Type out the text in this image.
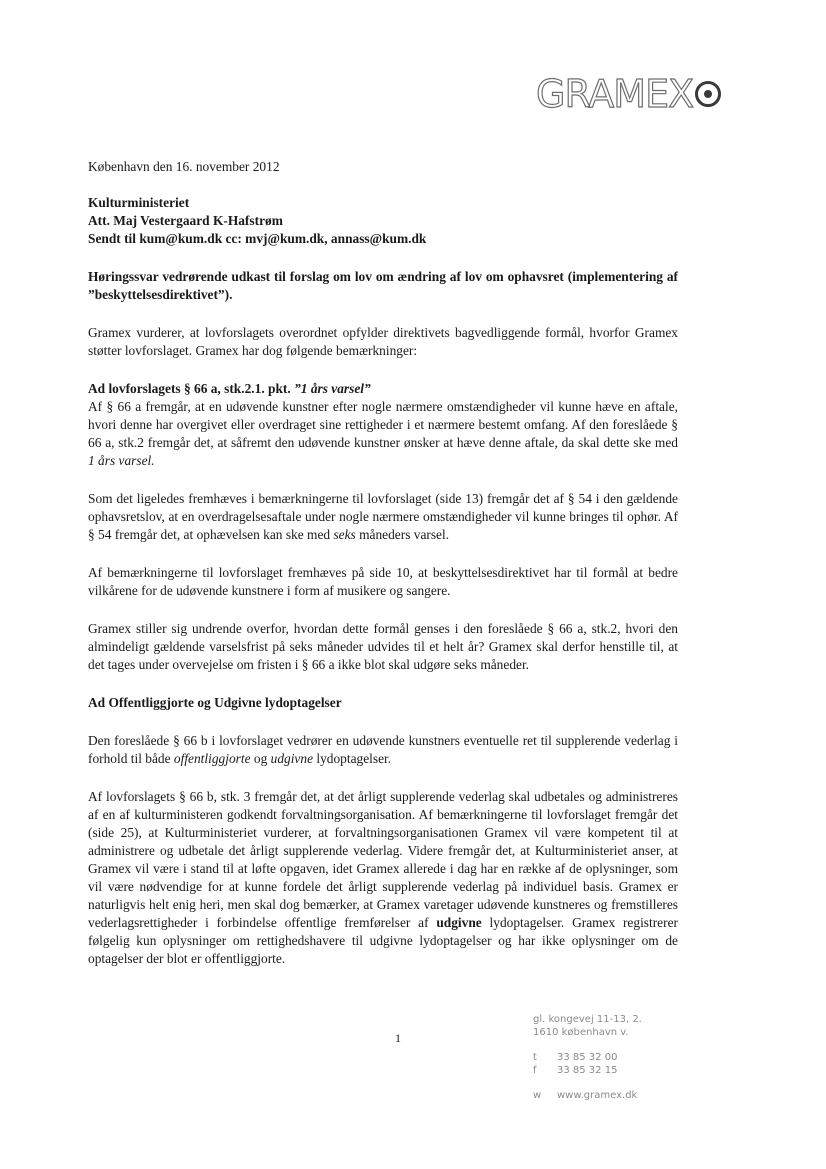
GRAMEX

København den 16. november 2012

Kulturministeriet

Att. Maj Vestergaard K-Hafstrøm

Sendt til kum@kum.dk cc: mvj@kum.dk, annass@kum.dk

Høringssvar vedrørende udkast til forslag om lov om ændring af lov om ophavsret (implementering af ”beskyttelsesdirektivet”).

Gramex vurderer, at lovforslagets overordnet opfylder direktivets bagvedliggende formål, hvorfor Gramex støtter lovforslaget. Gramex har dog følgende bemærkninger:

Ad lovforslagets § 66 a, stk.2.1. pkt. ”1 års varsel”

Af § 66 a fremgår, at en udøvende kunstner efter nogle nærmere omstændigheder vil kunne hæve en aftale, hvori denne har overgivet eller overdraget sine rettigheder i et nærmere bestemt omfang. Af den foreslåede § 66 a, stk.2 fremgår det, at såfremt den udøvende kunstner ønsker at hæve denne aftale, da skal dette ske med 1 års varsel.

Som det ligeledes fremhæves i bemærkningerne til lovforslaget (side 13) fremgår det af § 54 i den gældende ophavsretslov, at en overdragelsesaftale under nogle nærmere omstændigheder vil kunne bringes til ophør. Af § 54 fremgår det, at ophævelsen kan ske med seks måneders varsel.

Af bemærkningerne til lovforslaget fremhæves på side 10, at beskyttelsesdirektivet har til formål at bedre vilkårene for de udøvende kunstnere i form af musikere og sangere.

Gramex stiller sig undrende overfor, hvordan dette formål genses i den foreslåede § 66 a, stk.2, hvori den almindeligt gældende varselsfrist på seks måneder udvides til et helt år? Gramex skal derfor henstille til, at det tages under overvejelse om fristen i § 66 a ikke blot skal udgøre seks måneder.

Ad Offentliggjorte og Udgivne lydoptagelser

Den foreslåede § 66 b i lovforslaget vedrører en udøvende kunstners eventuelle ret til supplerende vederlag i forhold til både offentliggjorte og udgivne lydoptagelser.

Af lovforslagets § 66 b, stk. 3 fremgår det, at det årligt supplerende vederlag skal udbetales og administreres af en af kulturministeren godkendt forvaltningsorganisation. Af bemærkningerne til lovforslaget fremgår det (side 25), at Kulturministeriet vurderer, at forvaltningsorganisationen Gramex vil være kompetent til at administrere og udbetale det årligt supplerende vederlag. Videre fremgår det, at Kulturministeriet anser, at Gramex vil være i stand til at løfte opgaven, idet Gramex allerede i dag har en række af de oplysninger, som vil være nødvendige for at kunne fordele det årligt supplerende vederlag på individuel basis. Gramex er naturligvis helt enig heri, men skal dog bemærker, at Gramex varetager udøvende kunstneres og fremstilleres vederlagsrettigheder i forbindelse offentlige fremførelser af udgivne lydoptagelser. Gramex registrerer følgelig kun oplysninger om rettighedshavere til udgivne lydoptagelser og har ikke oplysninger om de optagelser der blot er offentliggjorte.

1
gl. kongevej 11-13, 2.
1610 københavn v.
t	33 85 32 00
f	33 85 32 15
w	www.gramex.dk
